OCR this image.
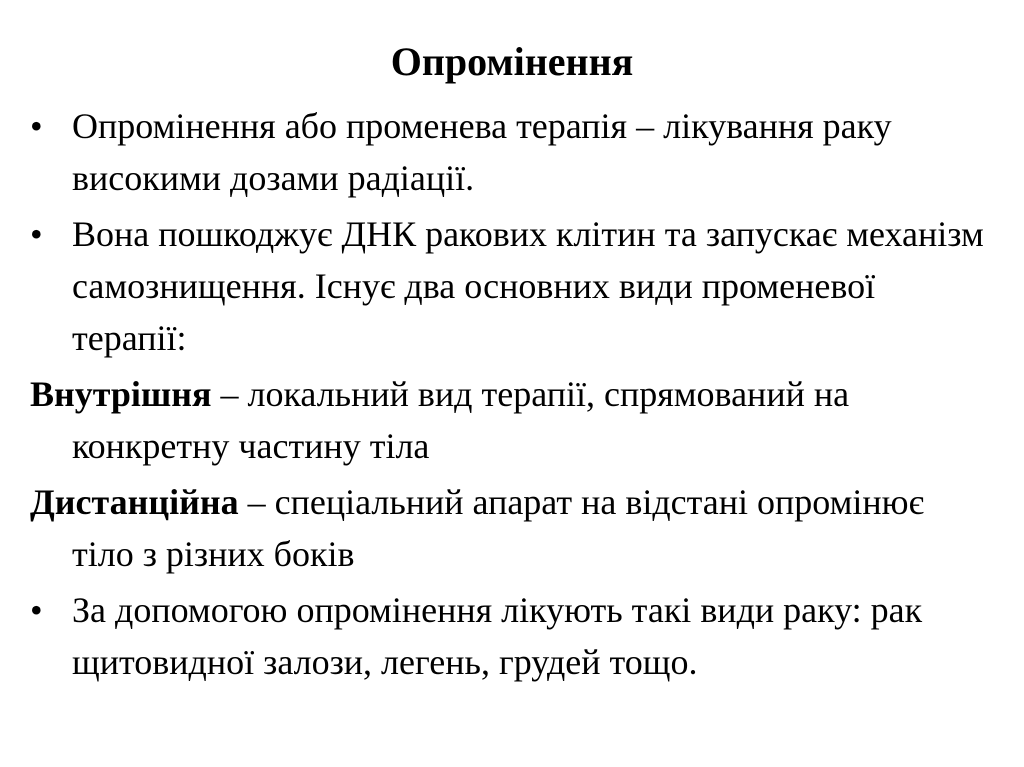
Опромінення
• Опромінення або променева терапія – лікування раку високими дозами радіації.
• Вона пошкоджує ДНК ракових клітин та запускає механізм самознищення. Існує два основних види променевої терапії:
Внутрішня – локальний вид терапії, спрямований на конкретну частину тіла
Дистанційна – спеціальний апарат на відстані опромінює тіло з різних боків
• За допомогою опромінення лікують такі види раку: рак щитовидної залози, легень, грудей тощо.
